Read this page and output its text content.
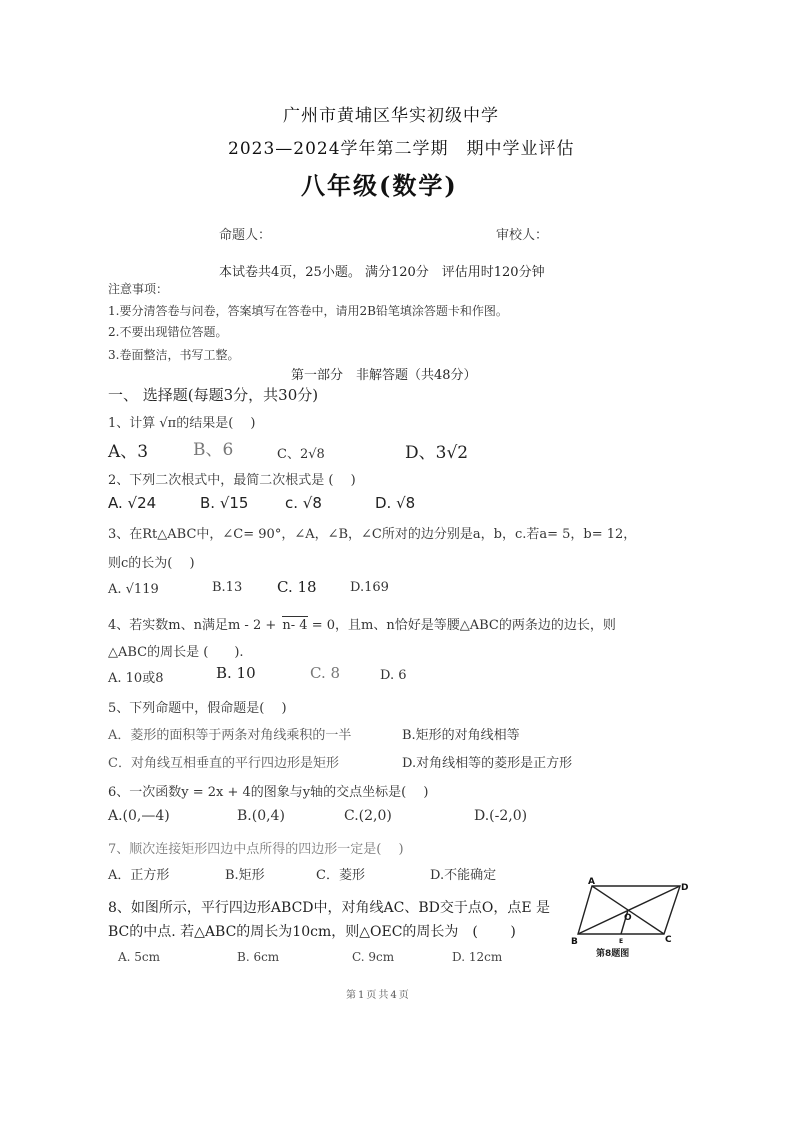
广州市黄埔区华实初级中学
2023—2024学年第二学期　期中学业评估
八年级(数学)
命题人：	审校人：
本试卷共4页，25小题。 满分120分　评估用时120分钟
注意事项：
1.要分清答卷与问卷，答案填写在答卷中，请用2B铅笔填涂答题卡和作图。
2.不要出现错位答题。
3.卷面整洁，书写工整。
第一部分　非解答题（共48分）
一、 选择题(每题3分，共30分)
1、计算 √π的结果是(　 )
A、3	B、6	C、2√8	D、3√2
2、下列二次根式中，最简二次根式是 (　 )
A. √24	B. √15 c. √8	D. √8
3、在Rt△ABC中，∠C= 90°，∠A，∠B，∠C所对的边分别是a，b，c.若a= 5，b= 12，
则c的长为(　 )
A. √119	B.13 C. 18	D.169
4、若实数m、n满足m - 2 + n- 4 = 0，且m、n恰好是等腰△ABC的两条边的边长，则
△ABC的周长是 (　　).
A. 10或8	B. 10	C. 8	D. 6
5、下列命题中，假命题是(　 )
A．菱形的面积等于两条对角线乘积的一半	B.矩形的对角线相等
C．对角线互相垂直的平行四边形是矩形	D.对角线相等的菱形是正方形
6、一次函数y = 2x + 4的图象与y轴的交点坐标是(　 )
A.(0,—4)	B.(0,4)	C.(2,0)	D.(-2,0)
7、顺次连接矩形四边中点所得的四边形一定是(　 )
A．正方形	B.矩形	C．菱形	D.不能确定
8、如图所示，平行四边形ABCD中，对角线AC、BD交于点O，点E 是
BC的中点. 若△ABC的周长为10cm，则△OEC的周长为　(　　 )
A. 5cm	B. 6cm	C. 9cm	D. 12cm
A
D
B	C
O
E
第8题图
第1页共4页
